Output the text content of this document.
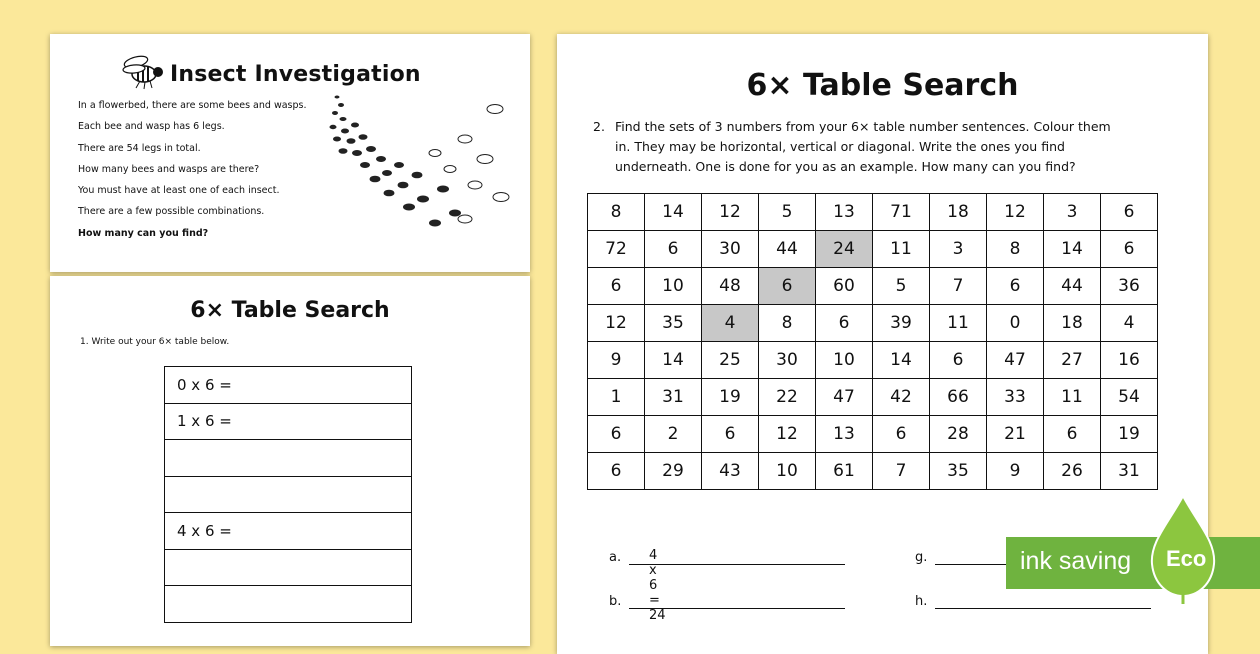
Insect Investigation
In a flowerbed, there are some bees and wasps.
Each bee and wasp has 6 legs.
There are 54 legs in total.
How many bees and wasps are there?
You must have at least one of each insect.
There are a few possible combinations.
How many can you find?
6× Table Search
1. Write out your 6× table below.
0 x 6 =
1 x 6 =

4 x 6 =

6× Table Search
2. Find the sets of 3 numbers from your 6× table number sentences. Colour them in. They may be horizontal, vertical or diagonal. Write the ones you find underneath. One is done for you as an example. How many can you find?
8	14	12	5	13	71	18	12	3	6
72	6	30	44	24	11	3	8	14	6
6	10	48	6	60	5	7	6	44	36
12	35	4	8	6	39	11	0	18	4
9	14	25	30	10	14	6	47	27	16
1	31	19	22	47	42	66	33	11	54
6	2	6	12	13	6	28	21	6	19
6	29	43	10	61	7	35	9	26	31
a. 4 x 6 = 24
g.
b.	h.
ink saving Eco
